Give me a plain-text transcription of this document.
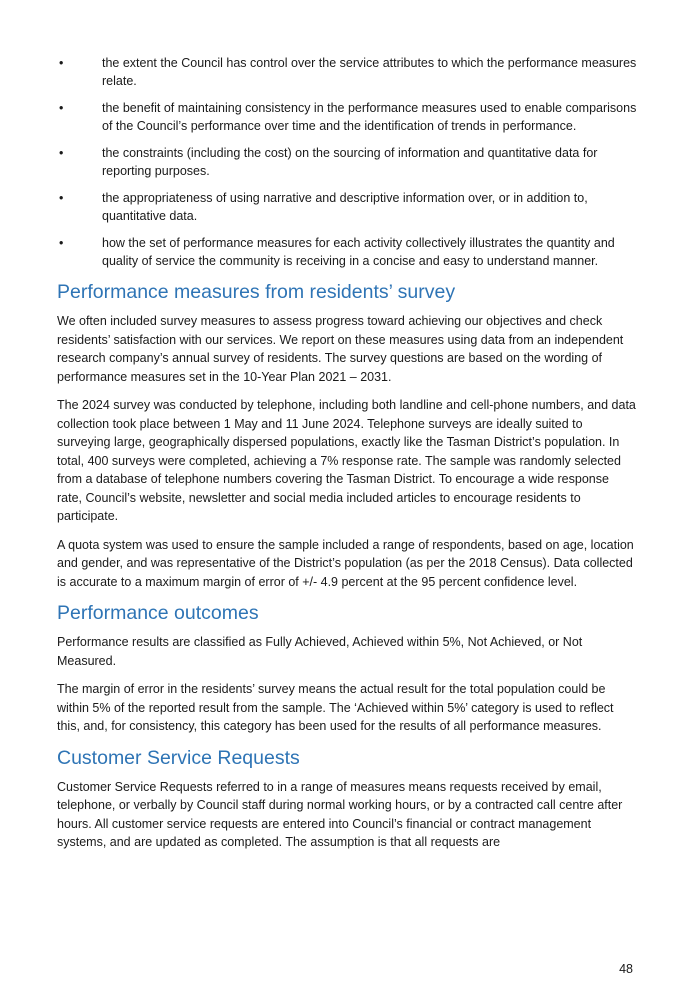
•	the extent the Council has control over the service attributes to which the performance measures relate.
•	the benefit of maintaining consistency in the performance measures used to enable comparisons of the Council’s performance over time and the identification of trends in performance.
•	the constraints (including the cost) on the sourcing of information and quantitative data for reporting purposes.
•	the appropriateness of using narrative and descriptive information over, or in addition to, quantitative data.
•	how the set of performance measures for each activity collectively illustrates the quantity and quality of service the community is receiving in a concise and easy to understand manner.
Performance measures from residents’ survey

We often included survey measures to assess progress toward achieving our objectives and check residents’ satisfaction with our services. We report on these measures using data from an independent research company’s annual survey of residents. The survey questions are based on the wording of performance measures set in the 10-Year Plan 2021 – 2031.

The 2024 survey was conducted by telephone, including both landline and cell-phone numbers, and data collection took place between 1 May and 11 June 2024. Telephone surveys are ideally suited to surveying large, geographically dispersed populations, exactly like the Tasman District’s population. In total, 400 surveys were completed, achieving a 7% response rate. The sample was randomly selected from a database of telephone numbers covering the Tasman District. To encourage a wide response rate, Council’s website, newsletter and social media included articles to encourage residents to participate.

A quota system was used to ensure the sample included a range of respondents, based on age, location and gender, and was representative of the District’s population (as per the 2018 Census). Data collected is accurate to a maximum margin of error of +/- 4.9 percent at the 95 percent confidence level.

Performance outcomes

Performance results are classified as Fully Achieved, Achieved within 5%, Not Achieved, or Not Measured.

The margin of error in the residents’ survey means the actual result for the total population could be within 5% of the reported result from the sample. The ‘Achieved within 5%’ category is used to reflect this, and, for consistency, this category has been used for the results of all performance measures.

Customer Service Requests

Customer Service Requests referred to in a range of measures means requests received by email, telephone, or verbally by Council staff during normal working hours, or by a contracted call centre after hours. All customer service requests are entered into Council’s financial or contract management systems, and are updated as completed. The assumption is that all requests are

48
